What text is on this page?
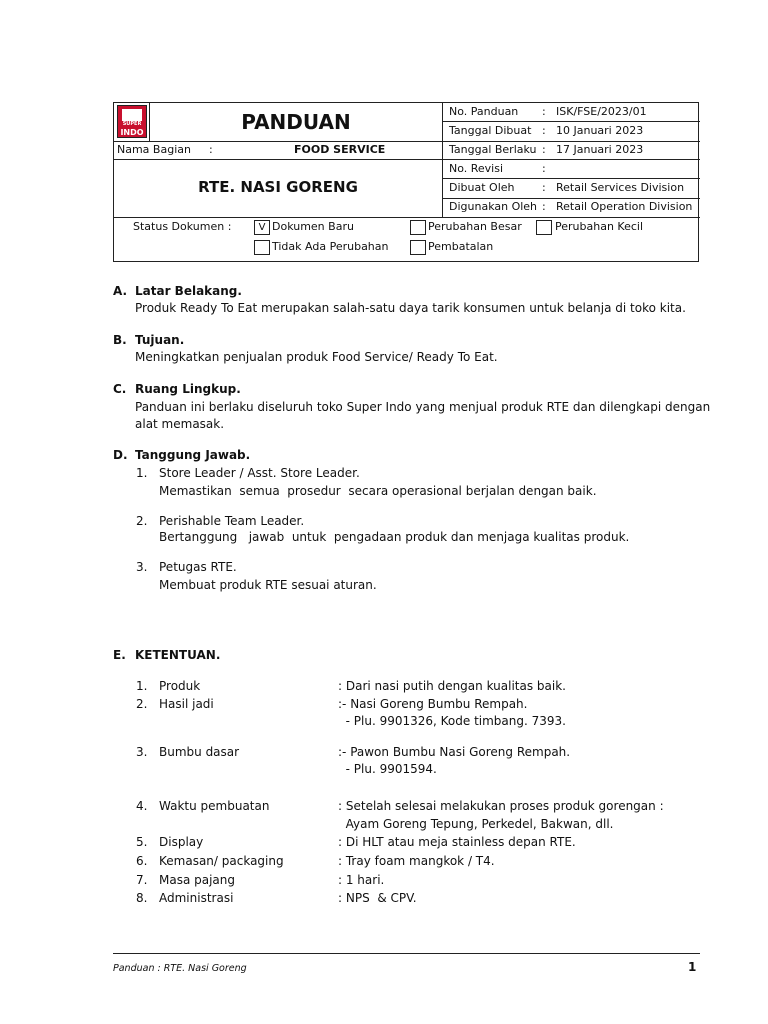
SUPER
INDO	PANDUAN
Nama Bagian :	FOOD SERVICE
RTE. NASI GORENG
No. Panduan : ISK/FSE/2023/01
Tanggal Dibuat : 10 Januari 2023
Tanggal Berlaku : 17 Januari 2023
No. Revisi	:
Dibuat Oleh	: Retail Services Division
Digunakan Oleh : Retail Operation Division
Status Dokumen :	V Dokumen Baru	Perubahan Besar	Perubahan Kecil
Tidak Ada Perubahan	Pembatalan
A. Latar Belakang.
Produk Ready To Eat merupakan salah-satu daya tarik konsumen untuk belanja di toko kita.
B. Tujuan.
Meningkatkan penjualan produk Food Service/ Ready To Eat.
C. Ruang Lingkup.
Panduan ini berlaku diseluruh toko Super Indo yang menjual produk RTE dan dilengkapi dengan
alat memasak.
D. Tanggung Jawab.
1. Store Leader / Asst. Store Leader.
Memastikan  semua  prosedur  secara operasional berjalan dengan baik.
2. Perishable Team Leader.
Bertanggung   jawab  untuk  pengadaan produk dan menjaga kualitas produk.
3. Petugas RTE.
Membuat produk RTE sesuai aturan.
E. KETENTUAN.
1. Produk	: Dari nasi putih dengan kualitas baik.
2. Hasil jadi	:- Nasi Goreng Bumbu Rempah.
- Plu. 9901326, Kode timbang. 7393.
3. Bumbu dasar	:- Pawon Bumbu Nasi Goreng Rempah.
- Plu. 9901594.
4. Waktu pembuatan	: Setelah selesai melakukan proses produk gorengan :
Ayam Goreng Tepung, Perkedel, Bakwan, dll.
5. Display	: Di HLT atau meja stainless depan RTE.
6. Kemasan/ packaging	: Tray foam mangkok / T4.
7. Masa pajang	: 1 hari.
8. Administrasi	: NPS  & CPV.
Panduan : RTE. Nasi Goreng	1
